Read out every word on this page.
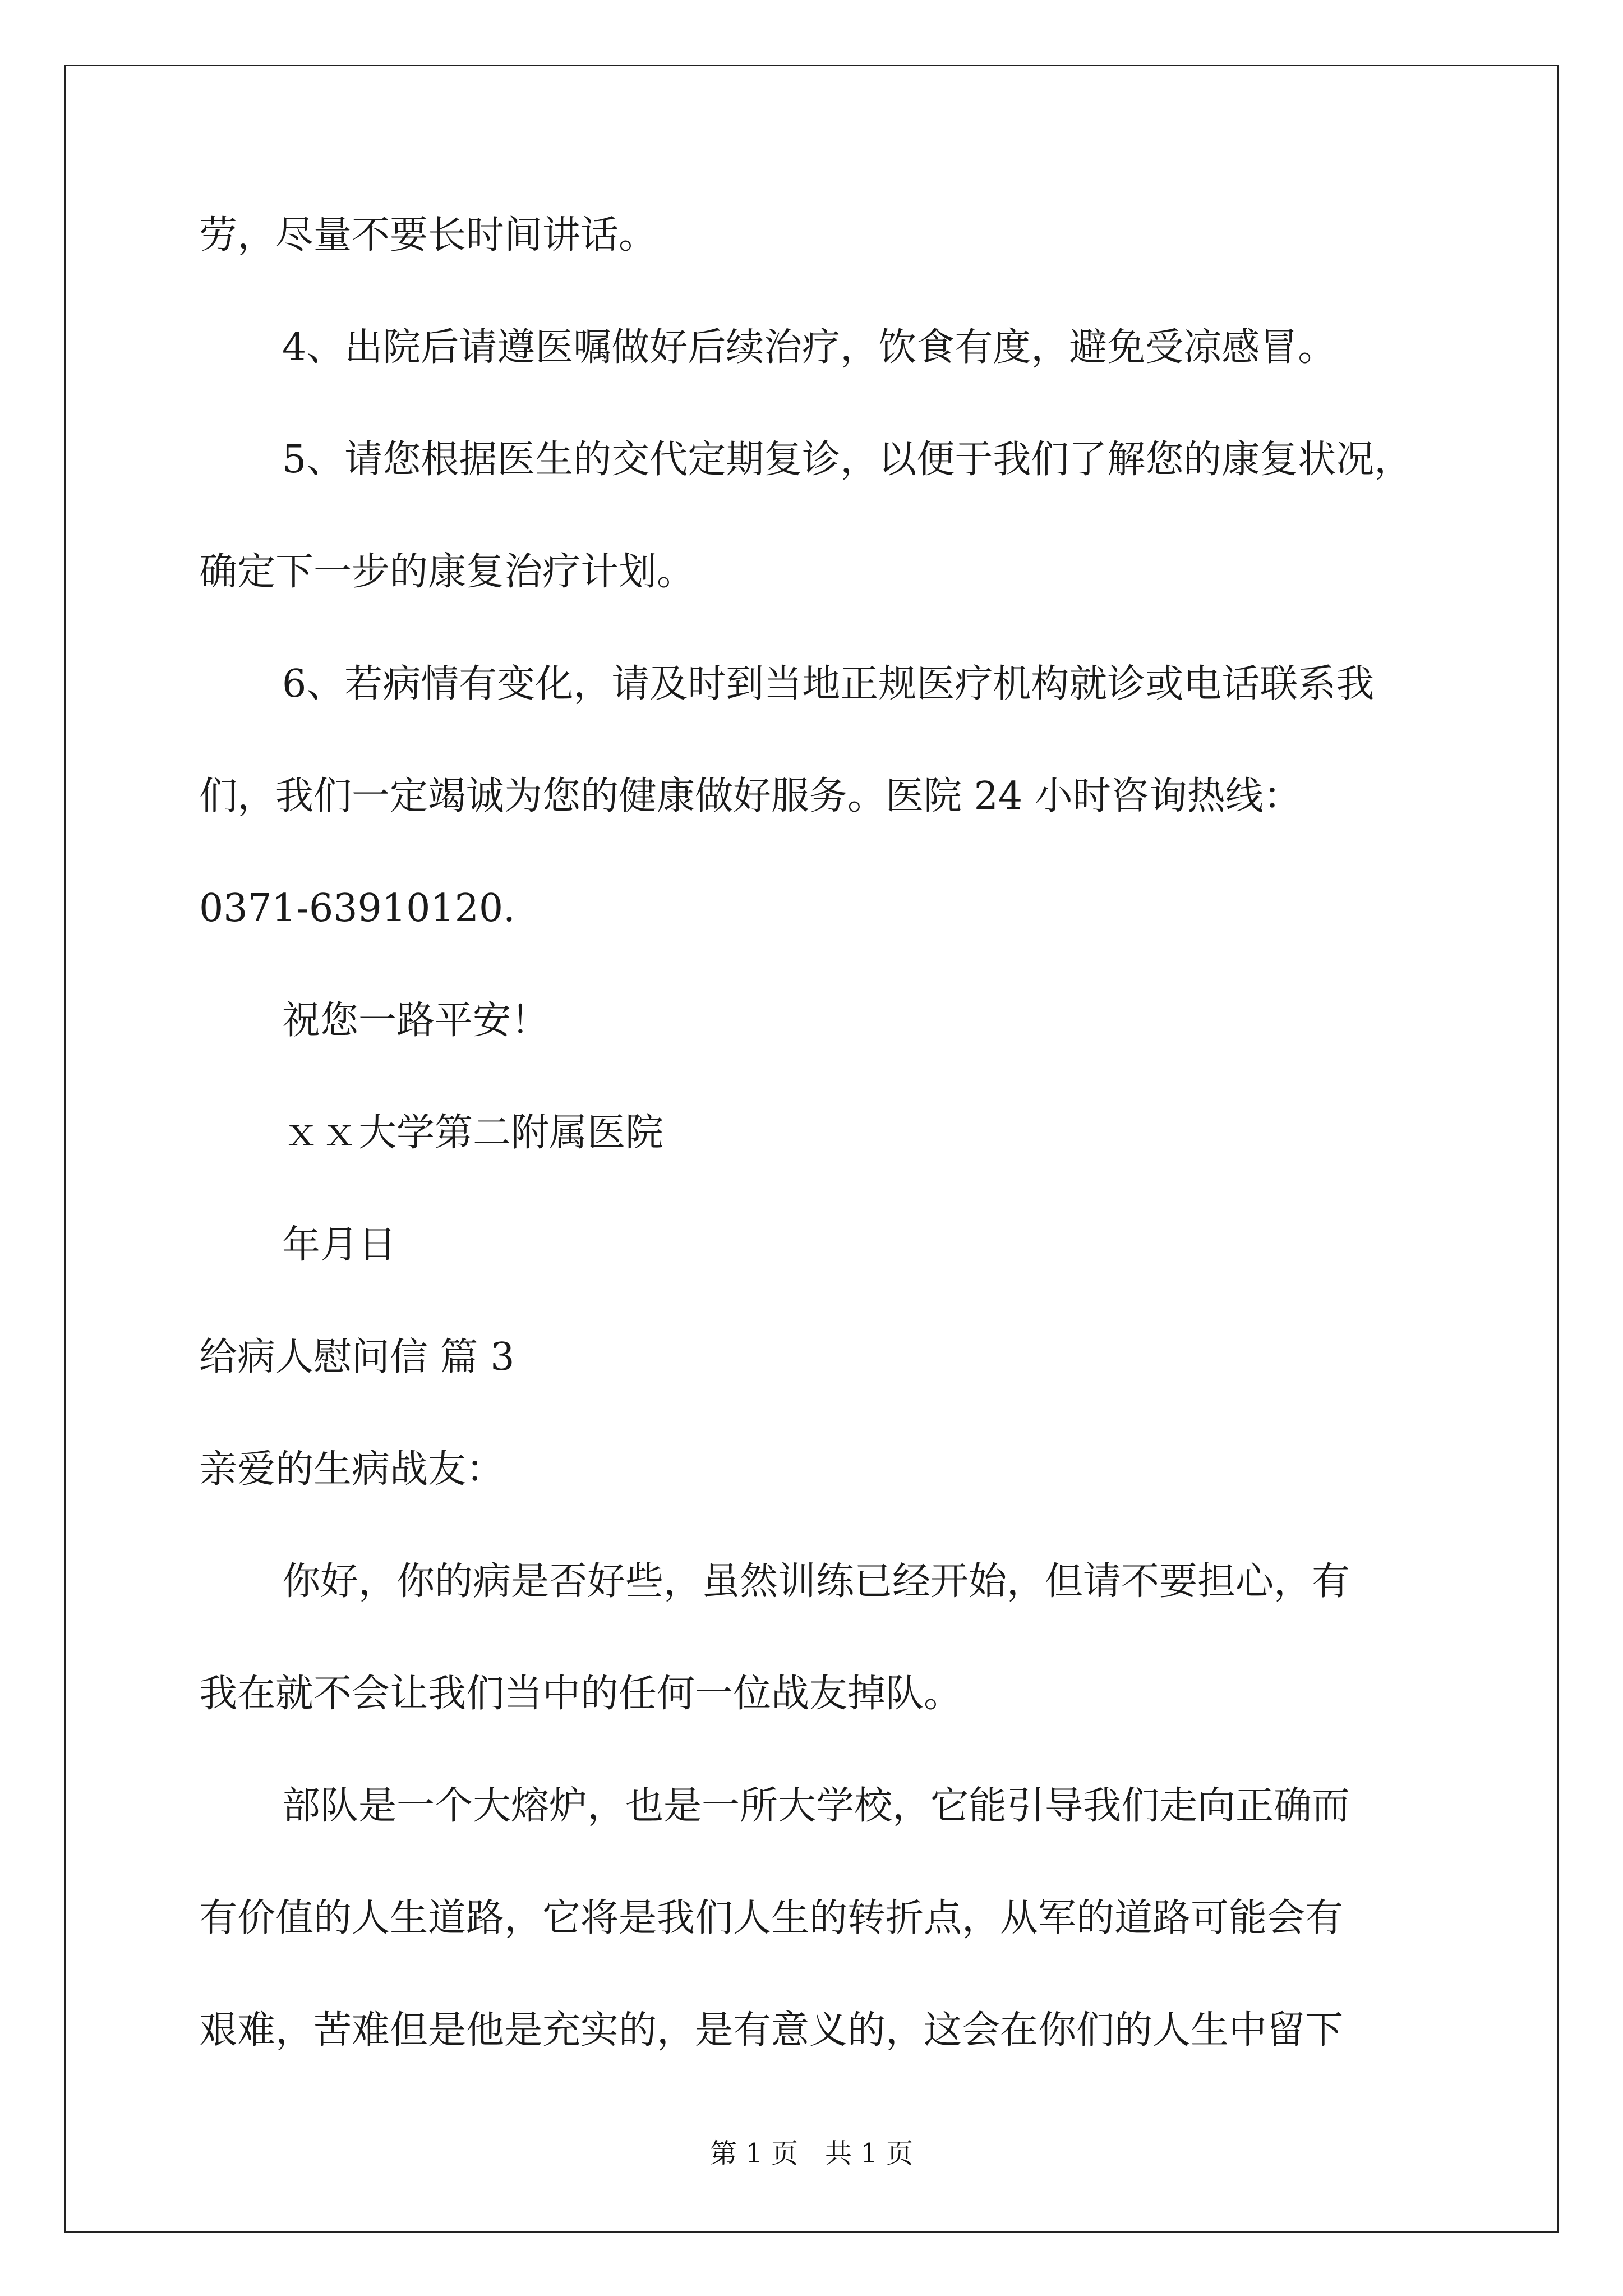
劳，尽量不要长时间讲话。

4、出院后请遵医嘱做好后续治疗，饮食有度，避免受凉感冒。

5、请您根据医生的交代定期复诊，以便于我们了解您的康复状况，

确定下一步的康复治疗计划。

6、若病情有变化，请及时到当地正规医疗机构就诊或电话联系我

们，我们一定竭诚为您的健康做好服务。医院 24 小时咨询热线：

0371-63910120.

祝您一路平安！

ｘｘ大学第二附属医院

年月日

给病人慰问信 篇 3

亲爱的生病战友：

你好，你的病是否好些，虽然训练已经开始，但请不要担心，有

我在就不会让我们当中的任何一位战友掉队。

部队是一个大熔炉，也是一所大学校，它能引导我们走向正确而

有价值的人生道路，它将是我们人生的转折点，从军的道路可能会有

艰难，苦难但是他是充实的，是有意义的，这会在你们的人生中留下

第 1 页　共 1 页
